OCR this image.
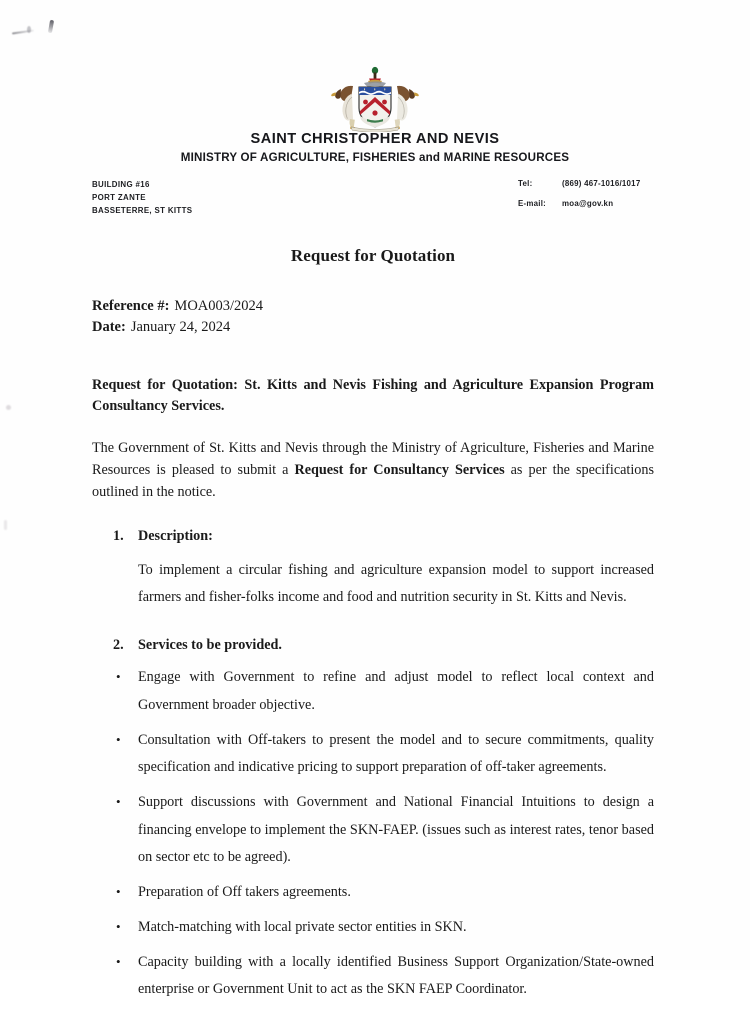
SAINT CHRISTOPHER AND NEVIS
MINISTRY OF AGRICULTURE, FISHERIES and MARINE RESOURCES
BUILDING #16
PORT ZANTE
BASSETERRE, ST KITTS
Tel:	(869) 467-1016/1017
E-mail:	moa@gov.kn
Request for Quotation
Reference #: MOA003/2024
Date: January 24, 2024

Request for Quotation: St. Kitts and Nevis Fishing and Agriculture Expansion Program Consultancy Services.

The Government of St. Kitts and Nevis through the Ministry of Agriculture, Fisheries and Marine Resources is pleased to submit a Request for Consultancy Services as per the specifications outlined in the notice.

1. Description:
To implement a circular fishing and agriculture expansion model to support increased farmers and fisher-folks income and food and nutrition security in St. Kitts and Nevis.
2. Services to be provided.
• Engage with Government to refine and adjust model to reflect local context and Government broader objective.
• Consultation with Off-takers to present the model and to secure commitments, quality specification and indicative pricing to support preparation of off-taker agreements.
• Support discussions with Government and National Financial Intuitions to design a financing envelope to implement the SKN-FAEP. (issues such as interest rates, tenor based on sector etc to be agreed).
• Preparation of Off takers agreements.
• Match-matching with local private sector entities in SKN.
• Capacity building with a locally identified Business Support Organization/State-owned enterprise or Government Unit to act as the SKN FAEP Coordinator.
